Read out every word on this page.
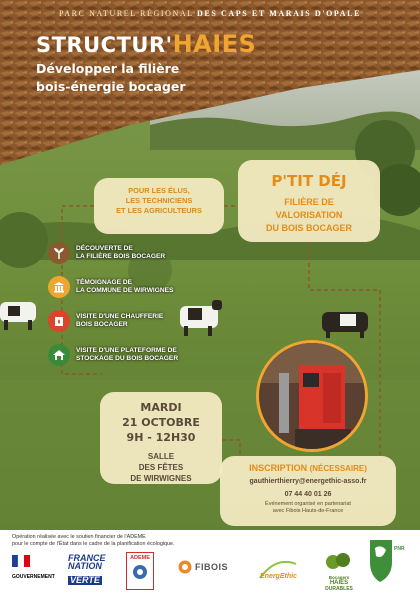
PARC NATUREL RÉGIONAL DES CAPS ET MARAIS D'OPALE
STRUCTUR'HAIES
Développer la filière
bois-énergie bocager
POUR LES ÉLUS,
LES TECHNICIENS
ET LES AGRICULTEURS
P'TIT DÉJ
FILIÈRE DE
VALORISATION
DU BOIS BOCAGER
DÉCOUVERTE DE
LA FILIÈRE BOIS BOCAGER
TÉMOIGNAGE DE
LA COMMUNE DE WIRWIGNES
VISITE D'UNE CHAUFFERIE
BOIS BOCAGER
VISITE D'UNE PLATEFORME DE
STOCKAGE DU BOIS BOCAGER
MARDI
21 OCTOBRE
9H - 12H30
SALLE
DES FÊTES
DE WIRWIGNES
INSCRIPTION (NÉCESSAIRE)
gauthierthierry@energethic-asso.fr
07 44 40 01 26
Événement organisé en partenariat
avec Fibois Hauts-de-France
Opération réalisée avec le soutien financier de l'ADEME
pour le compte de l'État dans le cadre de la planification écologique.
GOUVERNEMENT
FRANCE
NATION
VERTE
ADEME
FIBOIS
EnergEthic	Bocagers
HAIES
DURABLES
PNR
